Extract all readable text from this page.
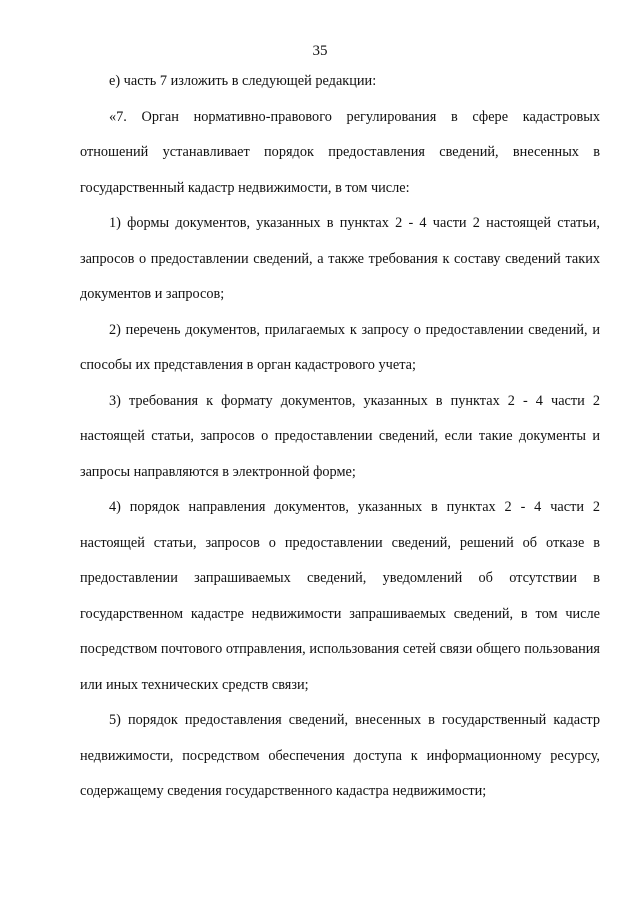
35

е) часть 7 изложить в следующей редакции:

«7. Орган нормативно-правового регулирования в сфере кадастровых отношений устанавливает порядок предоставления сведений, внесенных в государственный кадастр недвижимости, в том числе:

1) формы документов, указанных в пунктах 2 - 4 части 2 настоящей статьи, запросов о предоставлении сведений, а также требования к составу сведений таких документов и запросов;

2) перечень документов, прилагаемых к запросу о предоставлении сведений, и способы их представления в орган кадастрового учета;

3) требования к формату документов, указанных в пунктах 2 - 4 части 2 настоящей статьи, запросов о предоставлении сведений, если такие документы и запросы направляются в электронной форме;

4) порядок направления документов, указанных в пунктах 2 - 4 части 2 настоящей статьи, запросов о предоставлении сведений, решений об отказе в предоставлении запрашиваемых сведений, уведомлений об отсутствии в государственном кадастре недвижимости запрашиваемых сведений, в том числе посредством почтового отправления, использования сетей связи общего пользования или иных технических средств связи;

5) порядок предоставления сведений, внесенных в государственный кадастр недвижимости, посредством обеспечения доступа к информационному ресурсу, содержащему сведения государственного кадастра недвижимости;
